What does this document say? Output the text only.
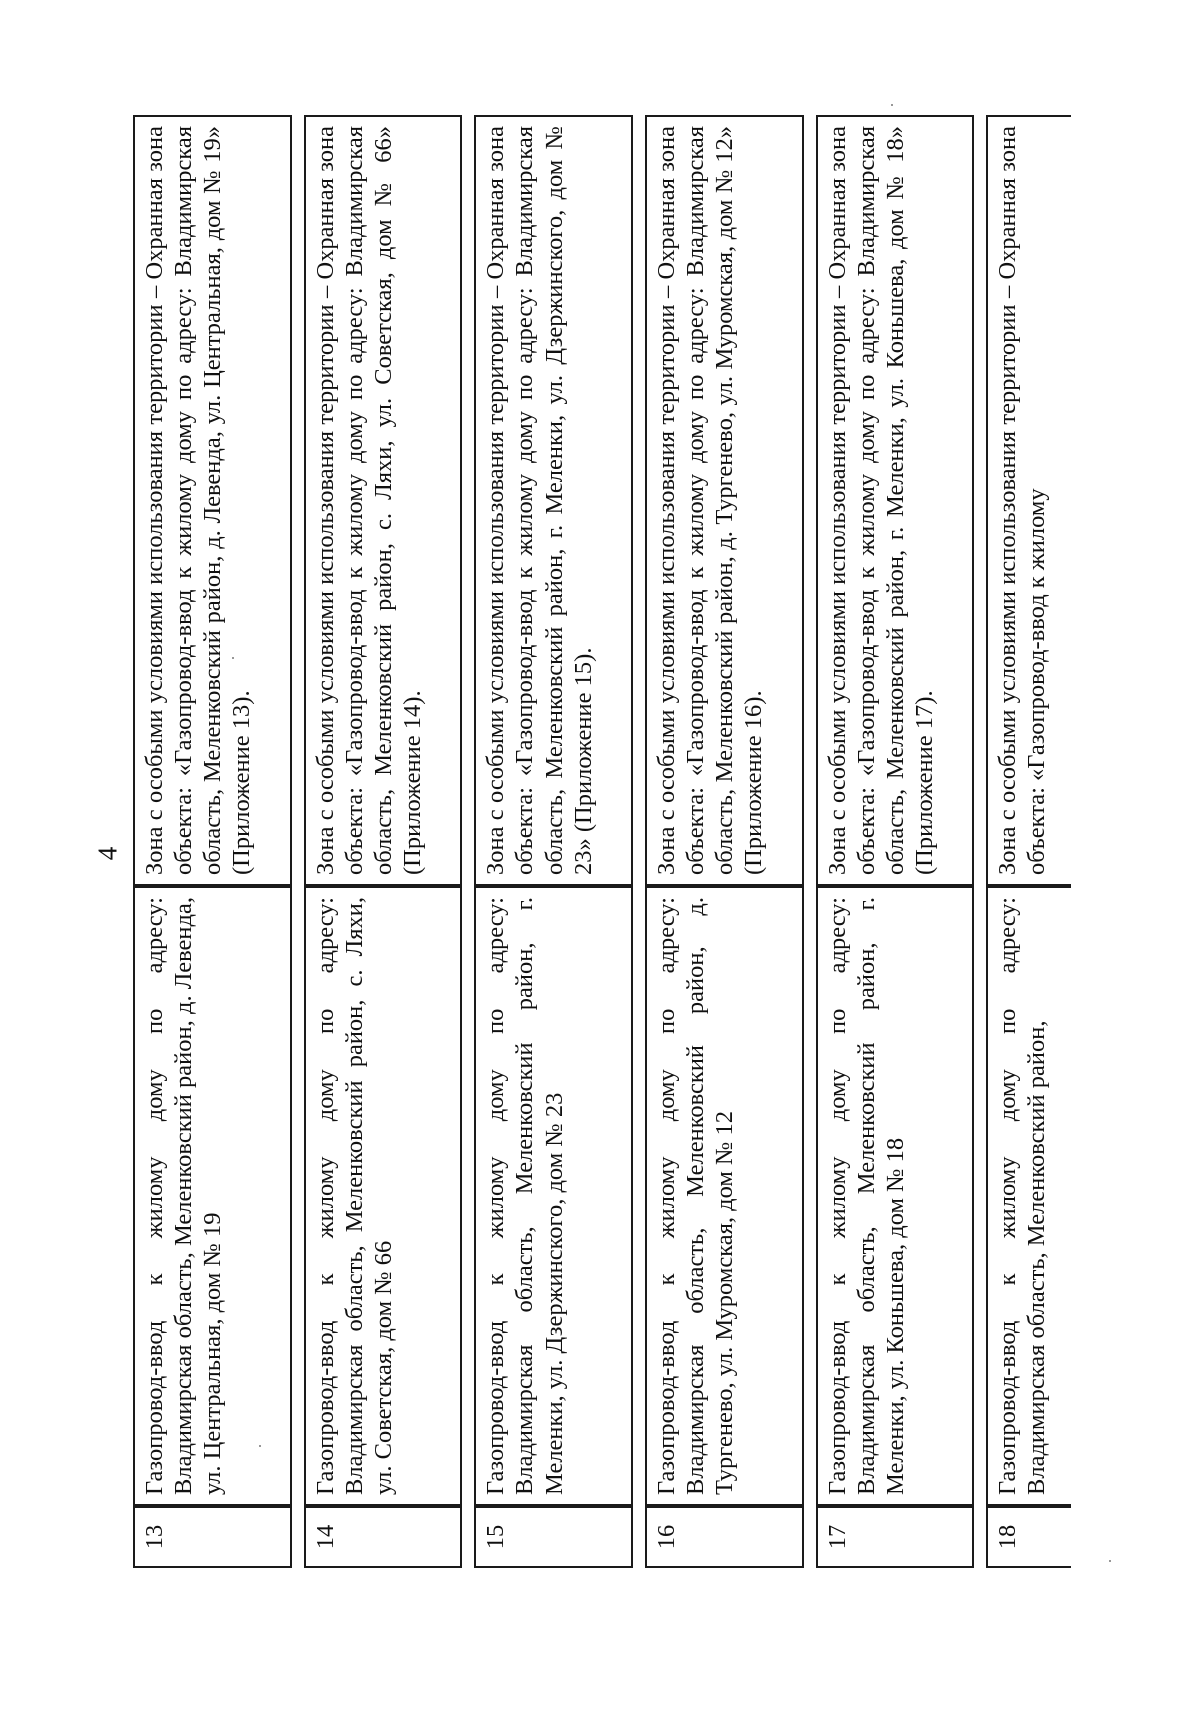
4
13	Газопровод-ввод к жилому дому по адресу: Владимирская область, Меленковский район, д. Левенда, ул. Центральная, дом № 19	Зона с особыми условиями использования территории – Охранная зона объекта: «Газопровод-ввод к жилому дому по адресу: Владимирская область, Меленковский район, д. Левенда, ул. Центральная, дом № 19» (Приложение 13).

14	Газопровод-ввод к жилому дому по адресу: Владимирская область, Меленковский район, с. Ляхи, ул. Советская, дом № 66	Зона с особыми условиями использования территории – Охранная зона объекта: «Газопровод-ввод к жилому дому по адресу: Владимирская область, Меленковский район, с. Ляхи, ул. Советская, дом № 66» (Приложение 14).

15	Газопровод-ввод к жилому дому по адресу: Владимирская область, Меленковский район, г. Меленки, ул. Дзержинского, дом № 23	Зона с особыми условиями использования территории – Охранная зона объекта: «Газопровод-ввод к жилому дому по адресу: Владимирская область, Меленковский район, г. Меленки, ул. Дзержинского, дом № 23» (Приложение 15).

16	Газопровод-ввод к жилому дому по адресу: Владимирская область, Меленковский район, д. Тургенево, ул. Муромская, дом № 12	Зона с особыми условиями использования территории – Охранная зона объекта: «Газопровод-ввод к жилому дому по адресу: Владимирская область, Меленковский район, д. Тургенево, ул. Муромская, дом № 12» (Приложение 16).

17	Газопровод-ввод к жилому дому по адресу: Владимирская область, Меленковский район, г. Меленки, ул. Коньшева, дом № 18	Зона с особыми условиями использования территории – Охранная зона объекта: «Газопровод-ввод к жилому дому по адресу: Владимирская область, Меленковский район, г. Меленки, ул. Коньшева, дом № 18» (Приложение 17).

18	Газопровод-ввод к жилому дому по адресу: Владимирская область, Меленковский район,	Зона с особыми условиями использования территории – Охранная зона объекта: «Газопровод-ввод к жилому
